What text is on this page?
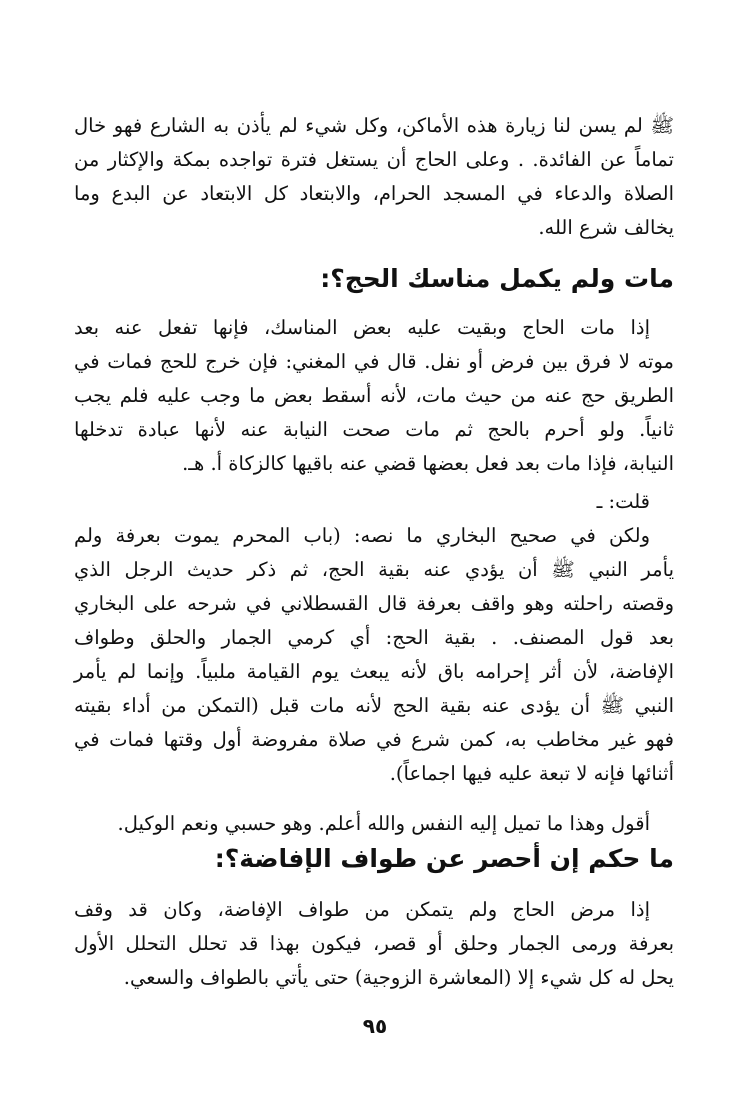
ﷺ لم يسن لنا زيارة هذه الأماكن، وكل شيء لم يأذن به الشارع فهو خال
تماماً عن الفائدة. . وعلى الحاج أن يستغل فترة تواجده بمكة والإكثار من
الصلاة والدعاء في المسجد الحرام، والابتعاد كل الابتعاد عن البدع وما
يخالف شرع الله.
مات ولم يكمل مناسك الحج؟:
إذا مات الحاج وبقيت عليه بعض المناسك، فإنها تفعل عنه بعد
موته لا فرق بين فرض أو نفل. قال في المغني: فإن خرج للحج فمات في
الطريق حج عنه من حيث مات، لأنه أسقط بعض ما وجب عليه فلم يجب
ثانياً. ولو أحرم بالحج ثم مات صحت النيابة عنه لأنها عبادة تدخلها
النيابة، فإذا مات بعد فعل بعضها قضي عنه باقيها كالزكاة أ. هـ.
قلت: ـ
ولكن في صحيح البخاري ما نصه: (باب المحرم يموت بعرفة ولم
يأمر النبي ﷺ أن يؤدي عنه بقية الحج، ثم ذكر حديث الرجل الذي
وقصته راحلته وهو واقف بعرفة قال القسطلاني في شرحه على البخاري
بعد قول المصنف. . بقية الحج: أي كرمي الجمار والحلق وطواف
الإفاضة، لأن أثر إحرامه باق لأنه يبعث يوم القيامة ملبياً. وإنما لم يأمر
النبي ﷺ أن يؤدى عنه بقية الحج لأنه مات قبل (التمكن من أداء بقيته
فهو غير مخاطب به، كمن شرع في صلاة مفروضة أول وقتها فمات في
أثنائها فإنه لا تبعة عليه فيها اجماعاً).
أقول وهذا ما تميل إليه النفس والله أعلم. وهو حسبي ونعم الوكيل.
ما حكم إن أحصر عن طواف الإفاضة؟:
إذا مرض الحاج ولم يتمكن من طواف الإفاضة، وكان قد وقف
بعرفة ورمى الجمار وحلق أو قصر، فيكون بهذا قد تحلل التحلل الأول
يحل له كل شيء إلا (المعاشرة الزوجية) حتى يأتي بالطواف والسعي.
٩٥
